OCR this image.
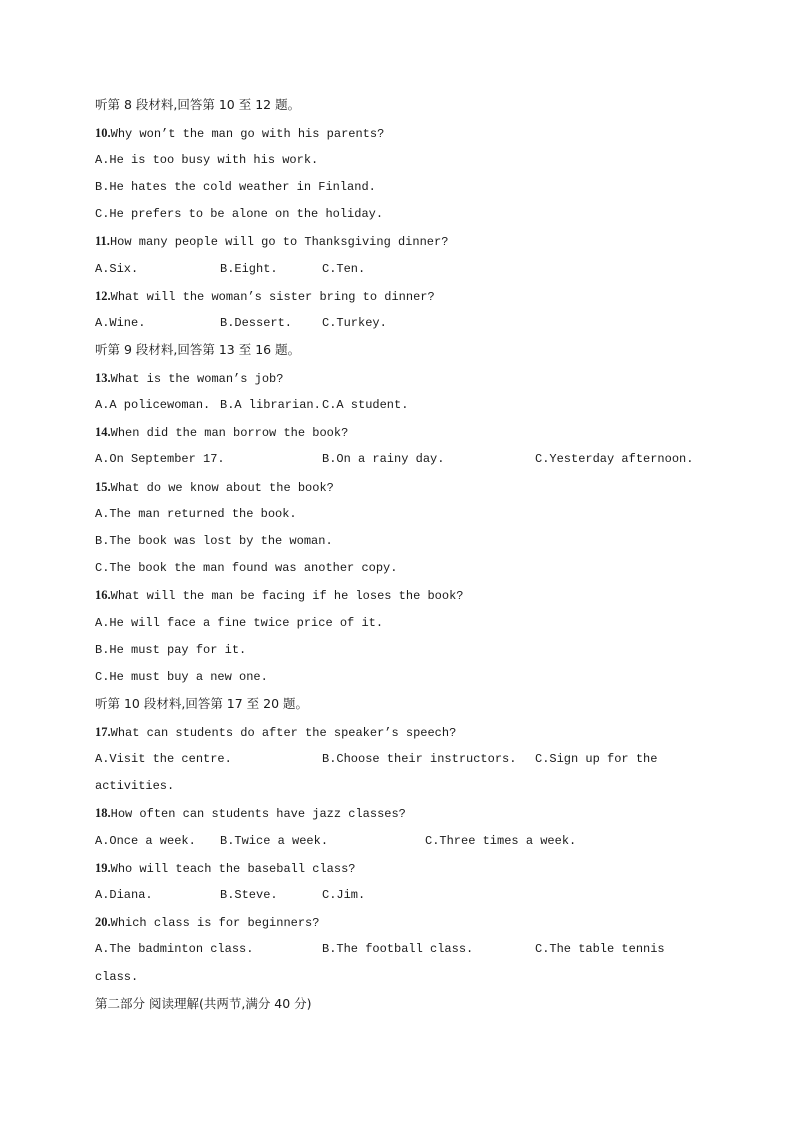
听第 8 段材料,回答第 10 至 12 题。
10.Why won’t the man go with his parents?
A.He is too busy with his work.
B.He hates the cold weather in Finland.
C.He prefers to be alone on the holiday.
11.How many people will go to Thanksgiving dinner?
A.Six.	B.Eight.	C.Ten.
12.What will the woman’s sister bring to dinner?
A.Wine.	B.Dessert. C.Turkey.
听第 9 段材料,回答第 13 至 16 题。
13.What is the woman’s job?
A.A policewoman. B.A librarian. C.A student.
14.When did the man borrow the book?
A.On September 17.	B.On a rainy day.	C.Yesterday afternoon.
15.What do we know about the book?
A.The man returned the book.
B.The book was lost by the woman.
C.The book the man found was another copy.
16.What will the man be facing if he loses the book?
A.He will face a fine twice price of it.
B.He must pay for it.
C.He must buy a new one.
听第 10 段材料,回答第 17 至 20 题。
17.What can students do after the speaker’s speech?
A.Visit the centre.	B.Choose their instructors. C.Sign up for the
activities.
18.How often can students have jazz classes?
A.Once a week. B.Twice a week.	C.Three times a week.
19.Who will teach the baseball class?
A.Diana.	B.Steve.	C.Jim.
20.Which class is for beginners?
A.The badminton class.	B.The football class.	C.The table tennis
class.
第二部分 阅读理解(共两节,满分 40 分)
